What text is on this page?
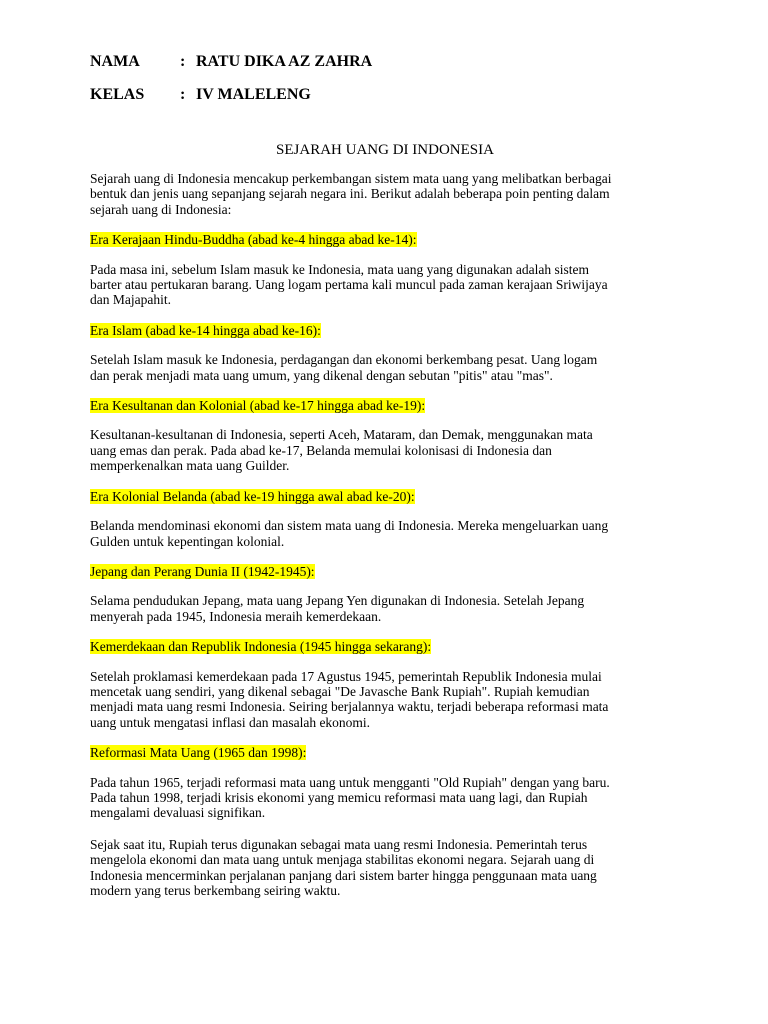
NAMA	: RATU DIKA AZ ZAHRA
KELAS : IV MALELENG
SEJARAH UANG DI INDONESIA
Sejarah uang di Indonesia mencakup perkembangan sistem mata uang yang melibatkan berbagai
bentuk dan jenis uang sepanjang sejarah negara ini. Berikut adalah beberapa poin penting dalam
sejarah uang di Indonesia:
Era Kerajaan Hindu-Buddha (abad ke-4 hingga abad ke-14):
Pada masa ini, sebelum Islam masuk ke Indonesia, mata uang yang digunakan adalah sistem
barter atau pertukaran barang. Uang logam pertama kali muncul pada zaman kerajaan Sriwijaya
dan Majapahit.
Era Islam (abad ke-14 hingga abad ke-16):
Setelah Islam masuk ke Indonesia, perdagangan dan ekonomi berkembang pesat. Uang logam
dan perak menjadi mata uang umum, yang dikenal dengan sebutan "pitis" atau "mas".
Era Kesultanan dan Kolonial (abad ke-17 hingga abad ke-19):
Kesultanan-kesultanan di Indonesia, seperti Aceh, Mataram, dan Demak, menggunakan mata
uang emas dan perak. Pada abad ke-17, Belanda memulai kolonisasi di Indonesia dan
memperkenalkan mata uang Guilder.
Era Kolonial Belanda (abad ke-19 hingga awal abad ke-20):
Belanda mendominasi ekonomi dan sistem mata uang di Indonesia. Mereka mengeluarkan uang
Gulden untuk kepentingan kolonial.
Jepang dan Perang Dunia II (1942-1945):
Selama pendudukan Jepang, mata uang Jepang Yen digunakan di Indonesia. Setelah Jepang
menyerah pada 1945, Indonesia meraih kemerdekaan.
Kemerdekaan dan Republik Indonesia (1945 hingga sekarang):
Setelah proklamasi kemerdekaan pada 17 Agustus 1945, pemerintah Republik Indonesia mulai
mencetak uang sendiri, yang dikenal sebagai "De Javasche Bank Rupiah". Rupiah kemudian
menjadi mata uang resmi Indonesia. Seiring berjalannya waktu, terjadi beberapa reformasi mata
uang untuk mengatasi inflasi dan masalah ekonomi.
Reformasi Mata Uang (1965 dan 1998):
Pada tahun 1965, terjadi reformasi mata uang untuk mengganti "Old Rupiah" dengan yang baru.
Pada tahun 1998, terjadi krisis ekonomi yang memicu reformasi mata uang lagi, dan Rupiah
mengalami devaluasi signifikan.
Sejak saat itu, Rupiah terus digunakan sebagai mata uang resmi Indonesia. Pemerintah terus
mengelola ekonomi dan mata uang untuk menjaga stabilitas ekonomi negara. Sejarah uang di
Indonesia mencerminkan perjalanan panjang dari sistem barter hingga penggunaan mata uang
modern yang terus berkembang seiring waktu.
